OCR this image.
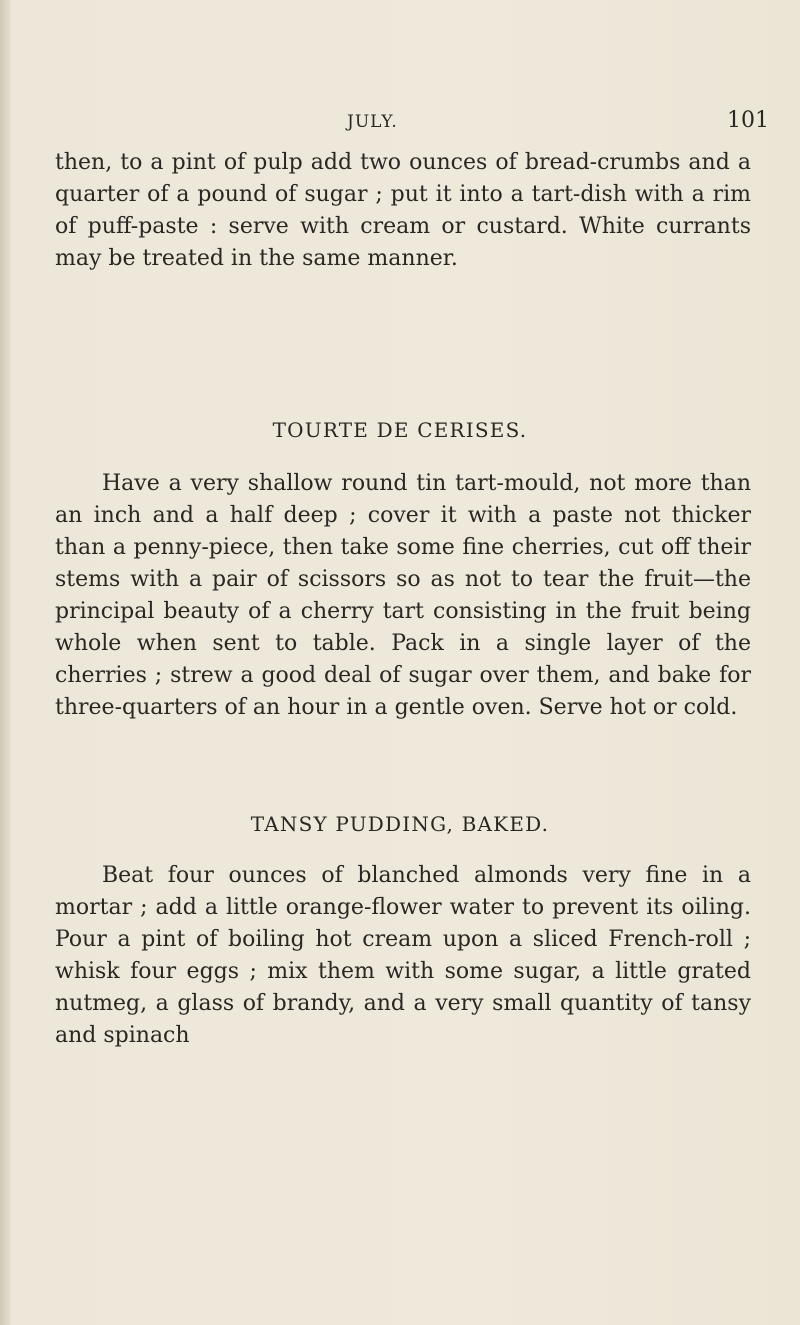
JULY.	101

then, to a pint of pulp add two ounces of bread-crumbs and a quarter of a pound of sugar ; put it into a tart-dish with a rim of puff-paste : serve with cream or custard. White currants may be treated in the same manner.

TOURTE DE CERISES.

Have a very shallow round tin tart-mould, not more than an inch and a half deep ; cover it with a paste not thicker than a penny-piece, then take some fine cherries, cut off their stems with a pair of scissors so as not to tear the fruit—the principal beauty of a cherry tart consisting in the fruit being whole when sent to table. Pack in a single layer of the cherries ; strew a good deal of sugar over them, and bake for three-quarters of an hour in a gentle oven. Serve hot or cold.

TANSY PUDDING, BAKED.

Beat four ounces of blanched almonds very fine in a mortar ; add a little orange-flower water to prevent its oiling. Pour a pint of boiling hot cream upon a sliced French-roll ; whisk four eggs ; mix them with some sugar, a little grated nutmeg, a glass of brandy, and a very small quantity of tansy and spinach
